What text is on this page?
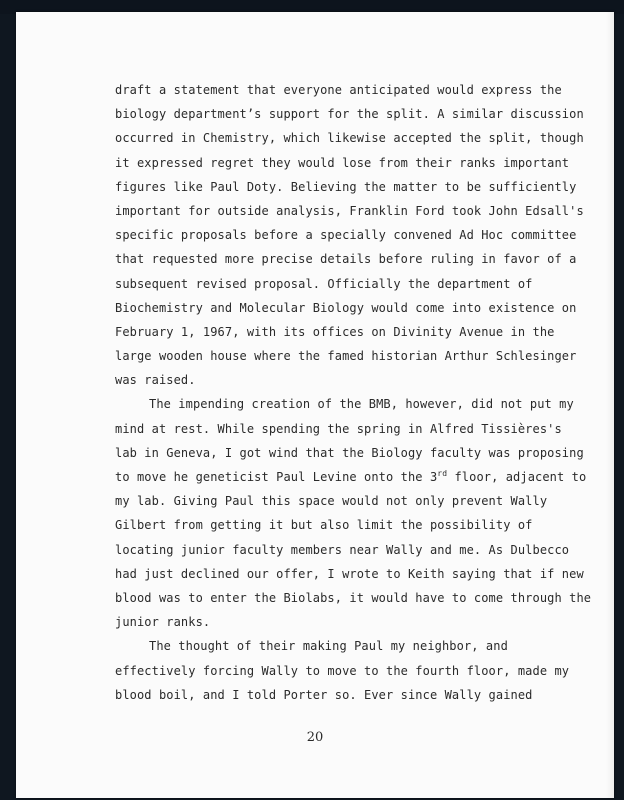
draft a statement that everyone anticipated would express the
biology department’s support for the split. A similar discussion
occurred in Chemistry, which likewise accepted the split, though
it expressed regret they would lose from their ranks important
figures like Paul Doty. Believing the matter to be sufficiently
important for outside analysis, Franklin Ford took John Edsall's
specific proposals before a specially convened Ad Hoc committee
that requested more precise details before ruling in favor of a
subsequent revised proposal. Officially the department of
Biochemistry and Molecular Biology would come into existence on
February 1, 1967, with its offices on Divinity Avenue in the
large wooden house where the famed historian Arthur Schlesinger
was raised.
The impending creation of the BMB, however, did not put my
mind at rest. While spending the spring in Alfred Tissières's
lab in Geneva, I got wind that the Biology faculty was proposing
to move he geneticist Paul Levine onto the 3rd floor, adjacent to
my lab. Giving Paul this space would not only prevent Wally
Gilbert from getting it but also limit the possibility of
locating junior faculty members near Wally and me. As Dulbecco
had just declined our offer, I wrote to Keith saying that if new
blood was to enter the Biolabs, it would have to come through the
junior ranks.
The thought of their making Paul my neighbor, and
effectively forcing Wally to move to the fourth floor, made my
blood boil, and I told Porter so. Ever since Wally gained
20
